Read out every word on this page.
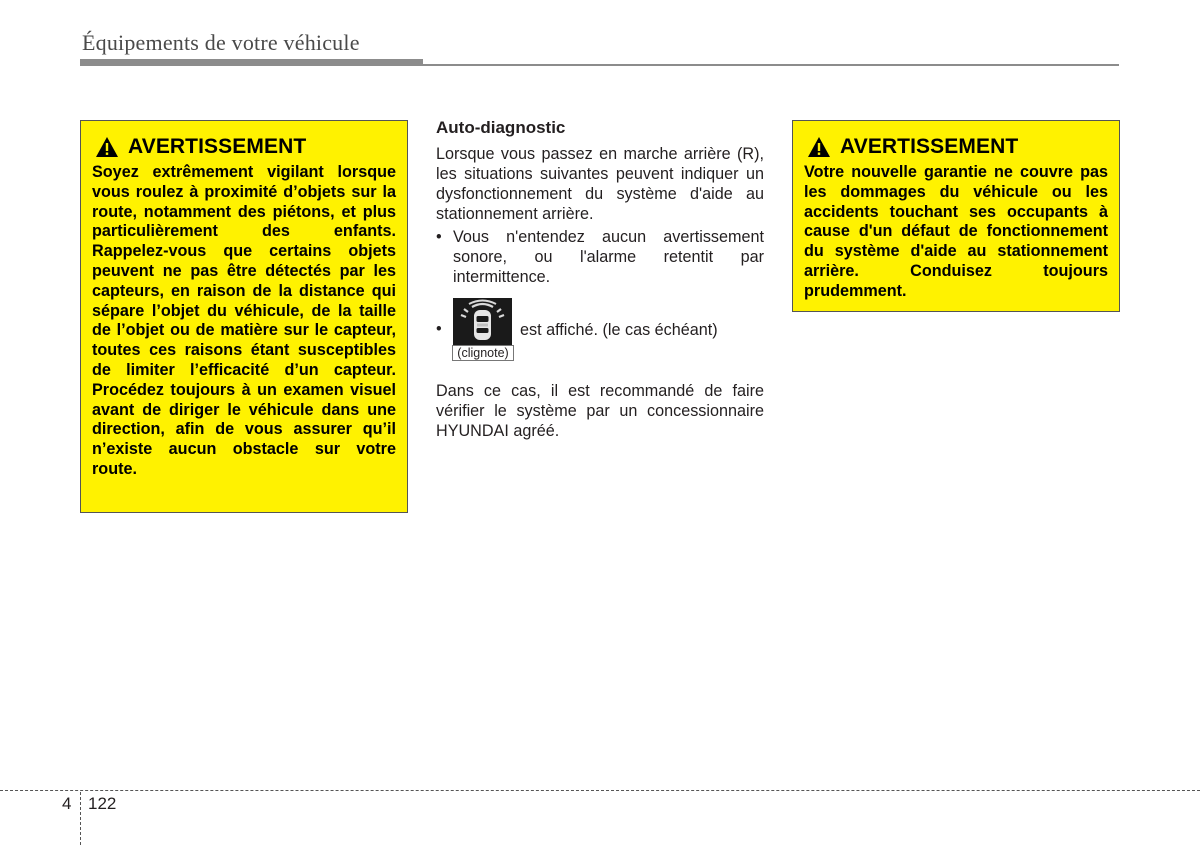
Équipements de votre véhicule
AVERTISSEMENT
Soyez extrêmement vigilant lorsque vous roulez à proximité d’objets sur la route, notamment des piétons, et plus particulièrement des enfants. Rappelez-vous que certains objets peuvent ne pas être détectés par les capteurs, en raison de la distance qui sépare l’objet du véhicule, de la taille de l’objet ou de matière sur le capteur, toutes ces raisons étant susceptibles de limiter l’efficacité d’un capteur. Procédez toujours à un examen visuel avant de diriger le véhicule dans une direction, afin de vous assurer qu’il n’existe aucun obstacle sur votre route.
Auto-diagnostic

Lorsque vous passez en marche arrière (R), les situations suivantes peuvent indiquer un dysfonctionnement du système d'aide au stationnement arrière.

• Vous n'entendez aucun avertissement sonore, ou l'alarme retentit par intermittence.
•
(clignote)
est affiché. (le cas échéant)

Dans ce cas, il est recommandé de faire vérifier le système par un concessionnaire HYUNDAI agréé.

AVERTISSEMENT
Votre nouvelle garantie ne couvre pas les dommages du véhicule ou les accidents touchant ses occupants à cause d'un défaut de fonctionnement du système d'aide au stationnement arrière. Conduisez toujours prudemment.
4 122
